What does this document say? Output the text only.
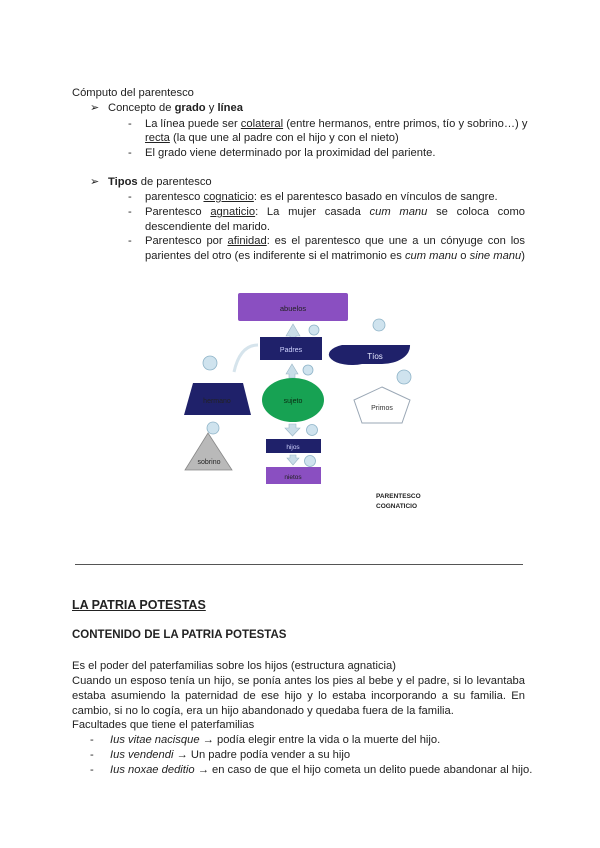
Cómputo del parentesco
➢ Concepto de grado y línea
- La línea puede ser colateral (entre hermanos, entre primos, tío y sobrino…) y
recta (la que une al padre con el hijo y con el nieto)
- El grado viene determinado por la proximidad del pariente.
➢ Tipos de parentesco
- parentesco cognaticio: es el parentesco basado en vínculos de sangre.
- Parentesco agnaticio: La mujer casada cum manu se coloca como descendiente del marido.
- Parentesco por afinidad: es el parentesco que une a un cónyuge con los parientes del otro (es indiferente si el matrimonio es cum manu o sine manu)
abuelos
Padres
Tíos
hermano	sujeto
Primos
sobrino
hijos
nietos
PARENTESCO
COGNATICIO
LA PATRIA POTESTAS
CONTENIDO DE LA PATRIA POTESTAS
Es el poder del paterfamilias sobre los hijos (estructura agnaticia)
Cuando un esposo tenía un hijo, se ponía antes los pies al bebe y el padre, si lo levantaba estaba asumiendo la paternidad de ese hijo y lo estaba incorporando a su familia. En cambio, si no lo cogía, era un hijo abandonado y quedaba fuera de la familia.
Facultades que tiene el paterfamilias
- Ius vitae nacisque → podía elegir entre la vida o la muerte del hijo.
- Ius vendendi → Un padre podía vender a su hijo
- Ius noxae deditio → en caso de que el hijo cometa un delito puede abandonar al hijo.
